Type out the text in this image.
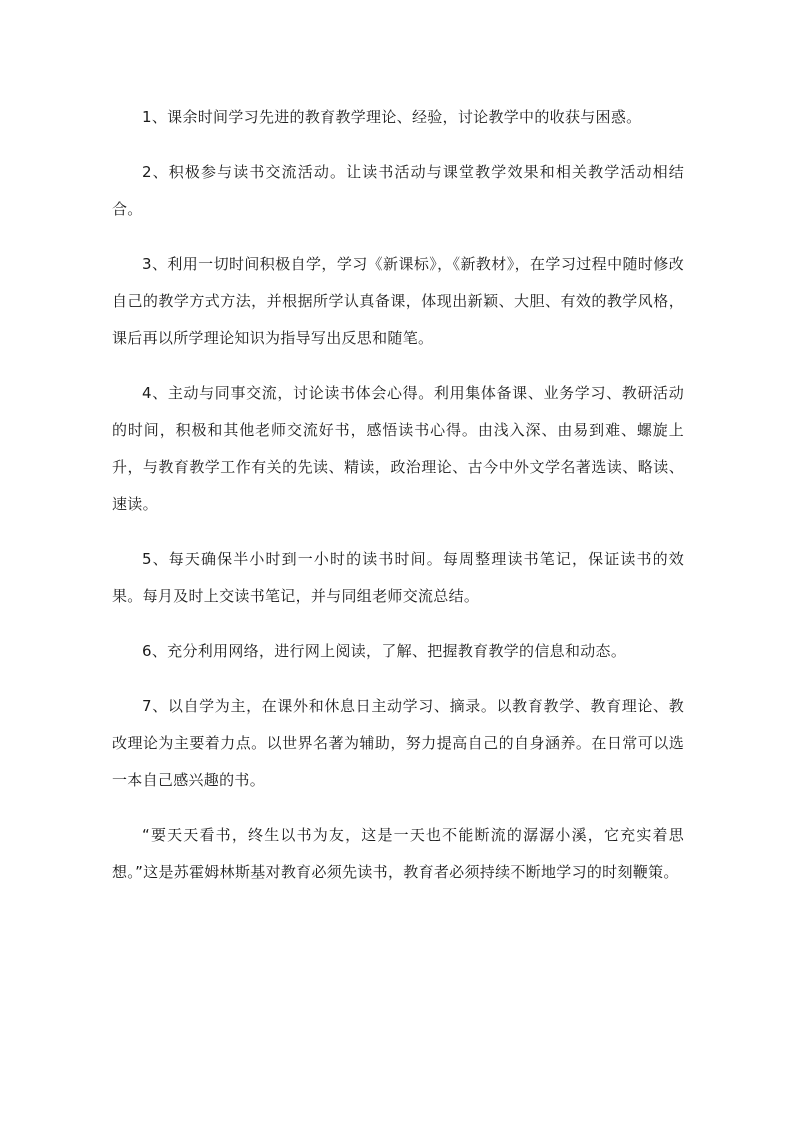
1、课余时间学习先进的教育教学理论、经验，讨论教学中的收获与困惑。

2、积极参与读书交流活动。让读书活动与课堂教学效果和相关教学活动相结合。

3、利用一切时间积极自学，学习《新课标》，《新教材》，在学习过程中随时修改自己的教学方式方法，并根据所学认真备课，体现出新颖、大胆、有效的教学风格，课后再以所学理论知识为指导写出反思和随笔。

4、主动与同事交流，讨论读书体会心得。利用集体备课、业务学习、教研活动的时间，积极和其他老师交流好书，感悟读书心得。由浅入深、由易到难、螺旋上升，与教育教学工作有关的先读、精读，政治理论、古今中外文学名著选读、略读、速读。

5、每天确保半小时到一小时的读书时间。每周整理读书笔记，保证读书的效果。每月及时上交读书笔记，并与同组老师交流总结。

6、充分利用网络，进行网上阅读，了解、把握教育教学的信息和动态。

7、以自学为主，在课外和休息日主动学习、摘录。以教育教学、教育理论、教改理论为主要着力点。以世界名著为辅助，努力提高自己的自身涵养。在日常可以选一本自己感兴趣的书。

“要天天看书，终生以书为友，这是一天也不能断流的潺潺小溪，它充实着思想。”这是苏霍姆林斯基对教育必须先读书，教育者必须持续不断地学习的时刻鞭策。
